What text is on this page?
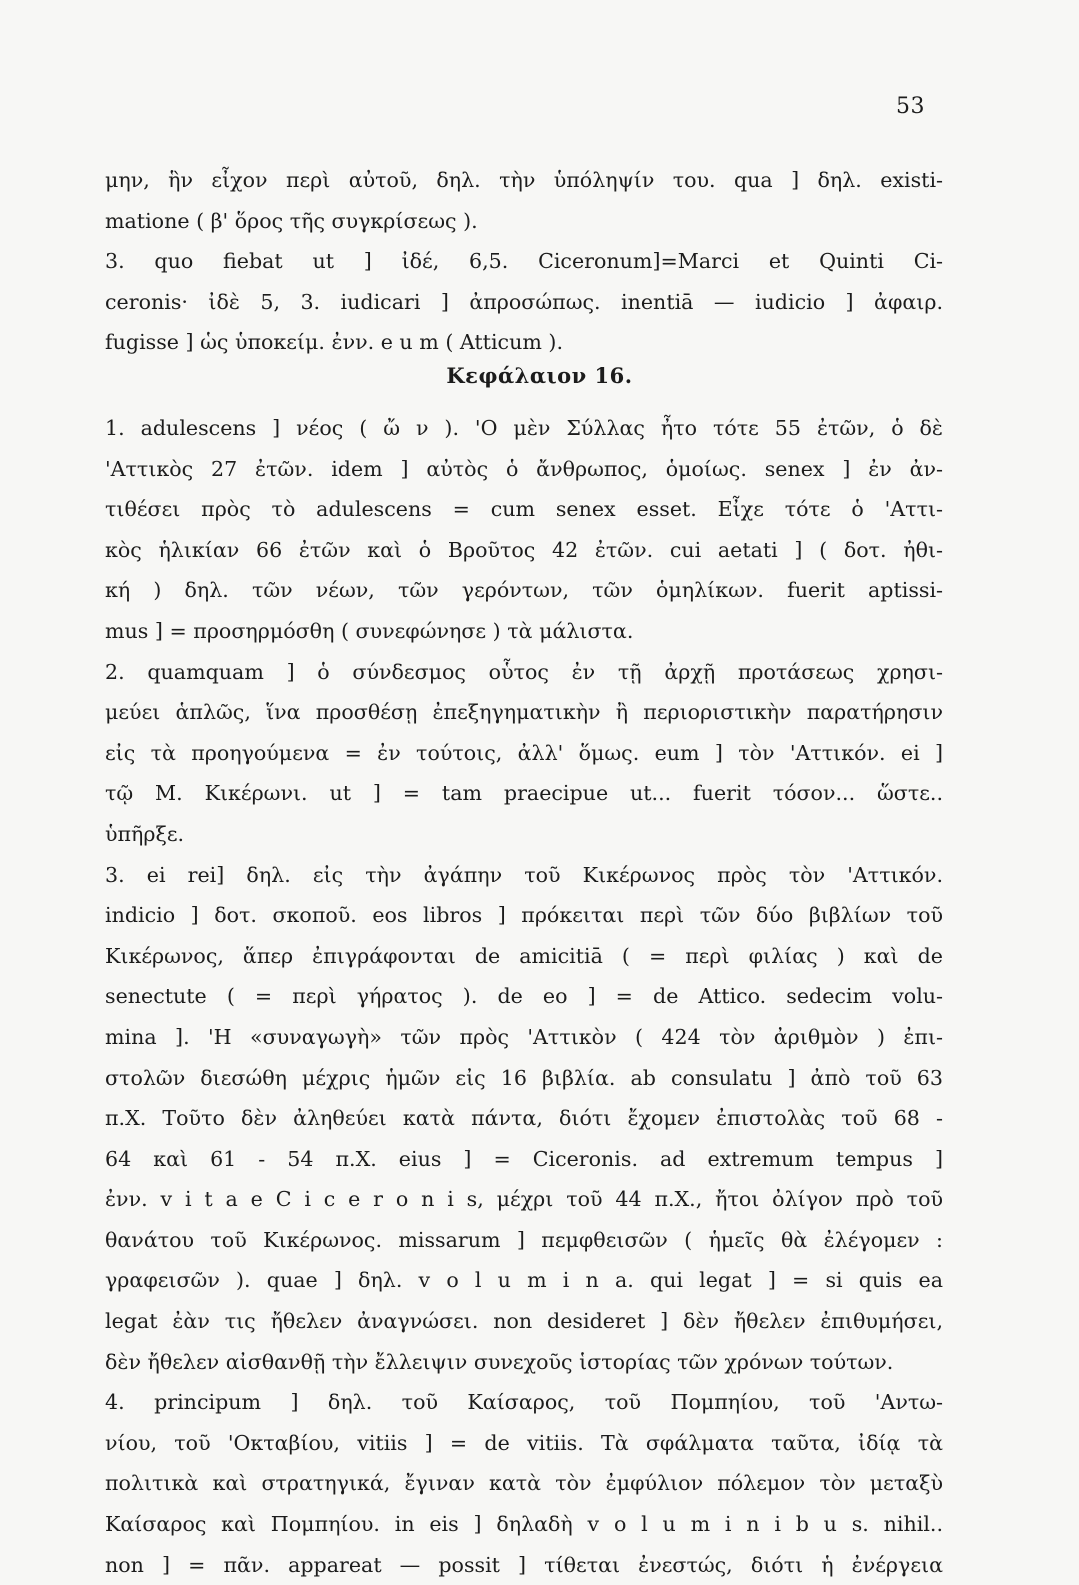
53
μην, ἣν εἶχον περὶ αὐτοῦ, δηλ. τὴν ὑπόληψίν του. qua ] δηλ. existi-
matione ( β' ὅρος τῆς συγκρίσεως ).
3. quo fiebat ut ] ἰδέ, 6,5. Ciceronum]=Marci et Quinti Ci-
ceronis· ἰδὲ 5, 3. iudicari ] ἀπροσώπως. inentiā — iudicio ] ἀφαιρ.
fugisse ] ὡς ὑποκείμ. ἐνν. e u m ( Atticum ).
Κεφάλαιον 16.
1. adulescens ] νέος ( ὤ ν ). 'Ο μὲν Σύλλας ἦτο τότε 55 ἐτῶν, ὁ δὲ
'Αττικὸς 27 ἐτῶν. idem ] αὐτὸς ὁ ἄνθρωπος, ὁμοίως. senex ] ἐν ἀν-
τιθέσει πρὸς τὸ adulescens = cum senex esset. Εἶχε τότε ὁ 'Αττι-
κὸς ἡλικίαν 66 ἐτῶν καὶ ὁ Βροῦτος 42 ἐτῶν. cui aetati ] ( δοτ. ἠθι-
κή ) δηλ. τῶν νέων, τῶν γερόντων, τῶν ὁμηλίκων. fuerit aptissi-
mus ] = προσηρμόσθη ( συνεφώνησε ) τὰ μάλιστα.
2. quamquam ] ὁ σύνδεσμος οὗτος ἐν τῇ ἀρχῇ προτάσεως χρησι-
μεύει ἁπλῶς, ἵνα προσθέσῃ ἐπεξηγηματικὴν ἢ περιοριστικὴν παρατήρησιν
εἰς τὰ προηγούμενα = ἐν τούτοις, ἀλλ' ὅμως. eum ] τὸν 'Αττικόν. ei ]
τῷ Μ. Κικέρωνι. ut ] = tam praecipue ut... fuerit τόσον... ὥστε..
ὑπῆρξε.
3. ei rei] δηλ. εἰς τὴν ἀγάπην τοῦ Κικέρωνος πρὸς τὸν 'Αττικόν.
indicio ] δοτ. σκοποῦ. eos libros ] πρόκειται περὶ τῶν δύο βιβλίων τοῦ
Κικέρωνος, ἅπερ ἐπιγράφονται de amicitiā ( = περὶ φιλίας ) καὶ de
senectute ( = περὶ γήρατος ). de eo ] = de Attico. sedecim volu-
mina ]. 'Η «συναγωγὴ» τῶν πρὸς 'Αττικὸν ( 424 τὸν ἀριθμὸν ) ἐπι-
στολῶν διεσώθη μέχρις ἡμῶν εἰς 16 βιβλία. ab consulatu ] ἀπὸ τοῦ 63
π.Χ. Τοῦτο δὲν ἀληθεύει κατὰ πάντα, διότι ἔχομεν ἐπιστολὰς τοῦ 68 -
64 καὶ 61 - 54 π.Χ. eius ] = Ciceronis. ad extremum tempus ]
ἐνν. v i t a e C i c e r o n i s, μέχρι τοῦ 44 π.Χ., ἤτοι ὀλίγον πρὸ τοῦ
θανάτου τοῦ Κικέρωνος. missarum ] πεμφθεισῶν ( ἡμεῖς θὰ ἐλέγομεν :
γραφεισῶν ). quae ] δηλ. v o l u m i n a. qui legat ] = si quis ea
legat ἐὰν τις ἤθελεν ἀναγνώσει. non desideret ] δὲν ἤθελεν ἐπιθυμήσει,
δὲν ἤθελεν αἰσθανθῇ τὴν ἔλλειψιν συνεχοῦς ἱστορίας τῶν χρόνων τούτων.
4. principum ] δηλ. τοῦ Καίσαρος, τοῦ Πομπηίου, τοῦ 'Αντω-
νίου, τοῦ 'Οκταβίου, vitiis ] = de vitiis. Τὰ σφάλματα ταῦτα, ἰδίᾳ τὰ
πολιτικὰ καὶ στρατηγικά, ἔγιναν κατὰ τὸν ἐμφύλιον πόλεμον τὸν μεταξὺ
Καίσαρος καὶ Πομπηίου. in eis ] δηλαδὴ v o l u m i n i b u s. nihil..
non ] = πᾶν. appareat — possit ] τίθεται ἐνεστώς, διότι ἡ ἐνέργεια
